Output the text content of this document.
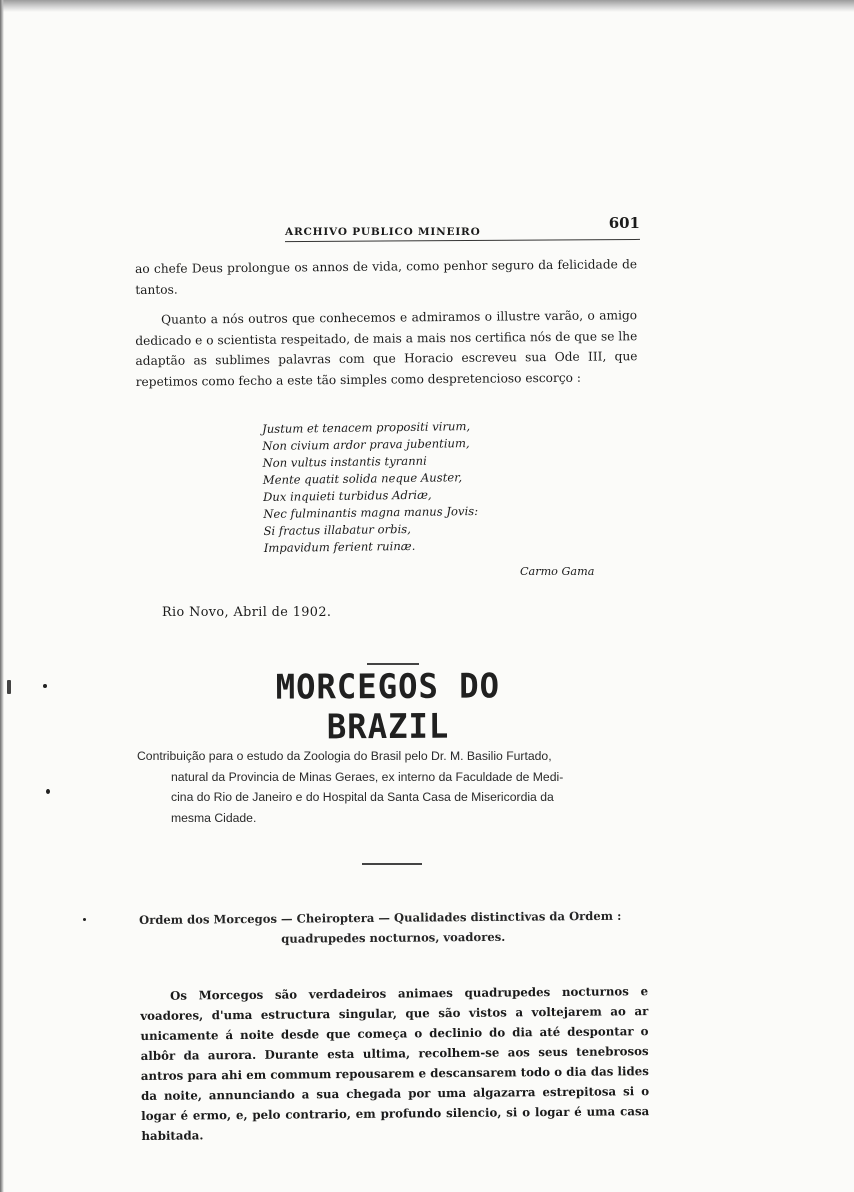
ARCHIVO PUBLICO MINEIRO	601
ao chefe Deus prolongue os annos de vida, como penhor seguro da felicidade de tantos.
Quanto a nós outros que conhecemos e admiramos o illustre varão, o amigo dedicado e o scientista respeitado, de mais a mais nos certifica nós de que se lhe adaptão as sublimes palavras com que Horacio escreveu sua Ode III, que repetimos como fecho a este tão simples como despretencioso escorço :
Justum et tenacem propositi virum,
Non civium ardor prava jubentium,
Non vultus instantis tyranni
Mente quatit solida neque Auster,
Dux inquieti turbidus Adriæ,
Nec fulminantis magna manus Jovis:
Si fractus illabatur orbis,
Impavidum ferient ruinæ.
Carmo Gama
Rio Novo, Abril de 1902.
MORCEGOS DO BRAZIL
Contribuição para o estudo da Zoologia do Brasil pelo Dr. M. Basilio Furtado,
natural da Provincia de Minas Geraes, ex interno da Faculdade de Medi-
cina do Rio de Janeiro e do Hospital da Santa Casa de Misericordia da
mesma Cidade.
Ordem dos Morcegos — Cheiroptera — Qualidades distinctivas da Ordem :
quadrupedes nocturnos, voadores.
Os Morcegos são verdadeiros animaes quadrupedes nocturnos e voadores, d'uma estructura singular, que são vistos a voltejarem ao ar unicamente á noite desde que começa o declinio do dia até despontar o albôr da aurora. Durante esta ultima, recolhem-se aos seus tenebrosos antros para ahi em commum repousarem e descansarem todo o dia das lides da noite, annunciando a sua chegada por uma algazarra estrepitosa si o logar é ermo, e, pelo contrario, em profundo silencio, si o logar é uma casa habitada.
